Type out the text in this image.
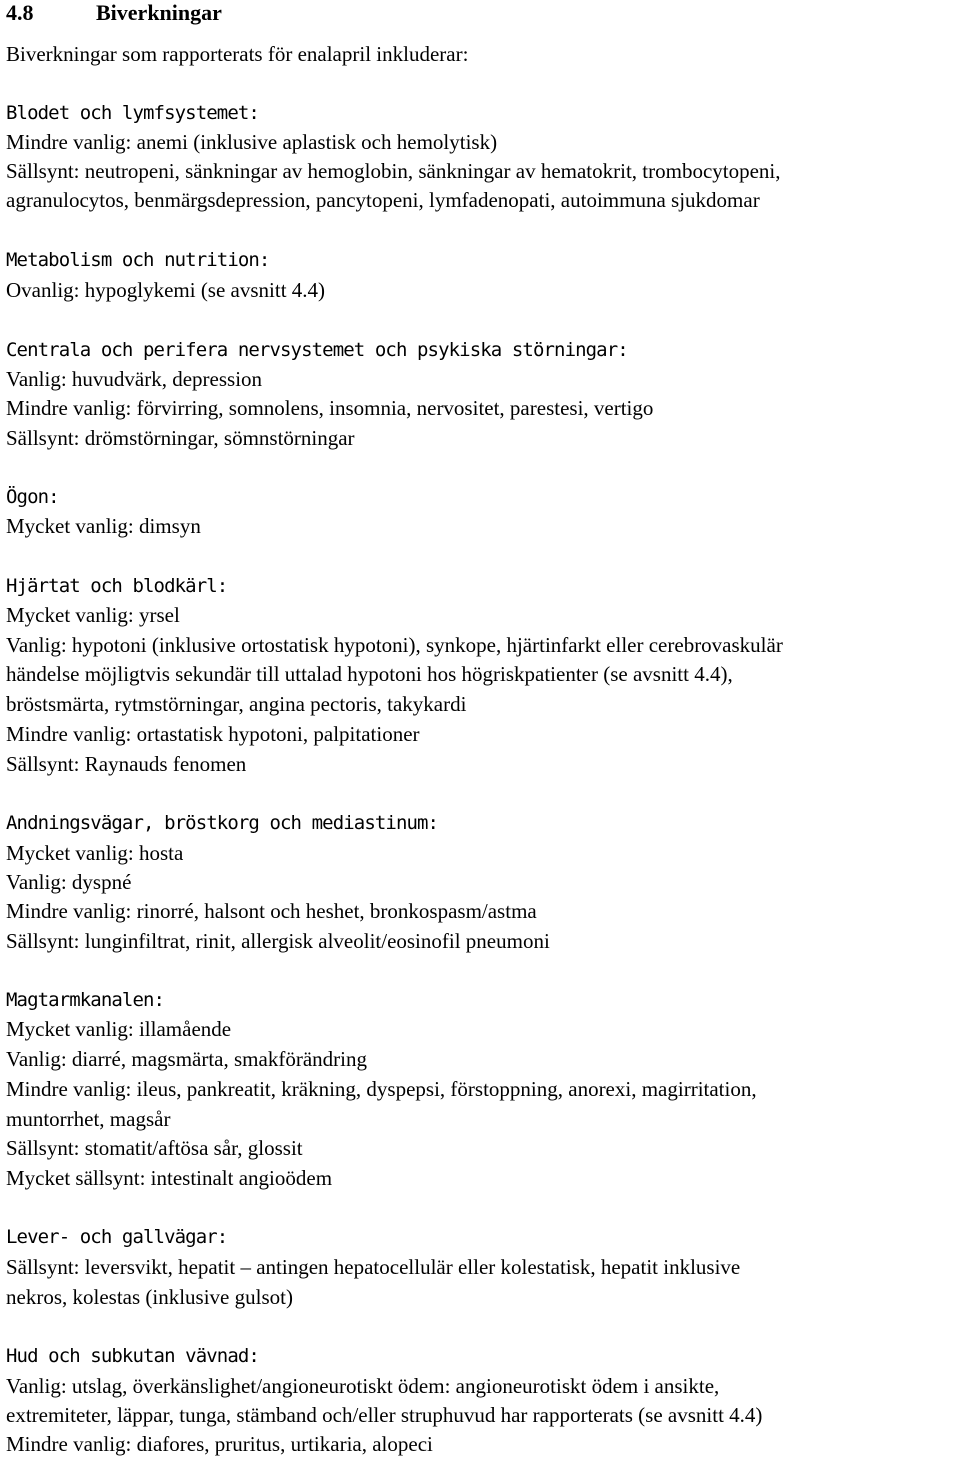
4.8	Biverkningar
Biverkningar som rapporterats för enalapril inkluderar:
Blodet och lymfsystemet:
Mindre vanlig: anemi (inklusive aplastisk och hemolytisk)
Sällsynt: neutropeni, sänkningar av hemoglobin, sänkningar av hematokrit, trombocytopeni,
agranulocytos, benmärgsdepression, pancytopeni, lymfadenopati, autoimmuna sjukdomar
Metabolism och nutrition:
Ovanlig: hypoglykemi (se avsnitt 4.4)
Centrala och perifera nervsystemet och psykiska störningar:
Vanlig: huvudvärk, depression
Mindre vanlig: förvirring, somnolens, insomnia, nervositet, parestesi, vertigo
Sällsynt: drömstörningar, sömnstörningar
Ögon:
Mycket vanlig: dimsyn
Hjärtat och blodkärl:
Mycket vanlig: yrsel
Vanlig: hypotoni (inklusive ortostatisk hypotoni), synkope, hjärtinfarkt eller cerebrovaskulär
händelse möjligtvis sekundär till uttalad hypotoni hos högriskpatienter (se avsnitt 4.4),
bröstsmärta, rytmstörningar, angina pectoris, takykardi
Mindre vanlig: ortastatisk hypotoni, palpitationer
Sällsynt: Raynauds fenomen
Andningsvägar, bröstkorg och mediastinum:
Mycket vanlig: hosta
Vanlig: dyspné
Mindre vanlig: rinorré, halsont och heshet, bronkospasm/astma
Sällsynt: lunginfiltrat, rinit, allergisk alveolit/eosinofil pneumoni
Magtarmkanalen:
Mycket vanlig: illamående
Vanlig: diarré, magsmärta, smakförändring
Mindre vanlig: ileus, pankreatit, kräkning, dyspepsi, förstoppning, anorexi, magirritation,
muntorrhet, magsår
Sällsynt: stomatit/aftösa sår, glossit
Mycket sällsynt: intestinalt angioödem
Lever- och gallvägar:
Sällsynt: leversvikt, hepatit – antingen hepatocellulär eller kolestatisk, hepatit inklusive
nekros, kolestas (inklusive gulsot)
Hud och subkutan vävnad:
Vanlig: utslag, överkänslighet/angioneurotiskt ödem: angioneurotiskt ödem i ansikte,
extremiteter, läppar, tunga, stämband och/eller struphuvud har rapporterats (se avsnitt 4.4)
Mindre vanlig: diafores, pruritus, urtikaria, alopeci
